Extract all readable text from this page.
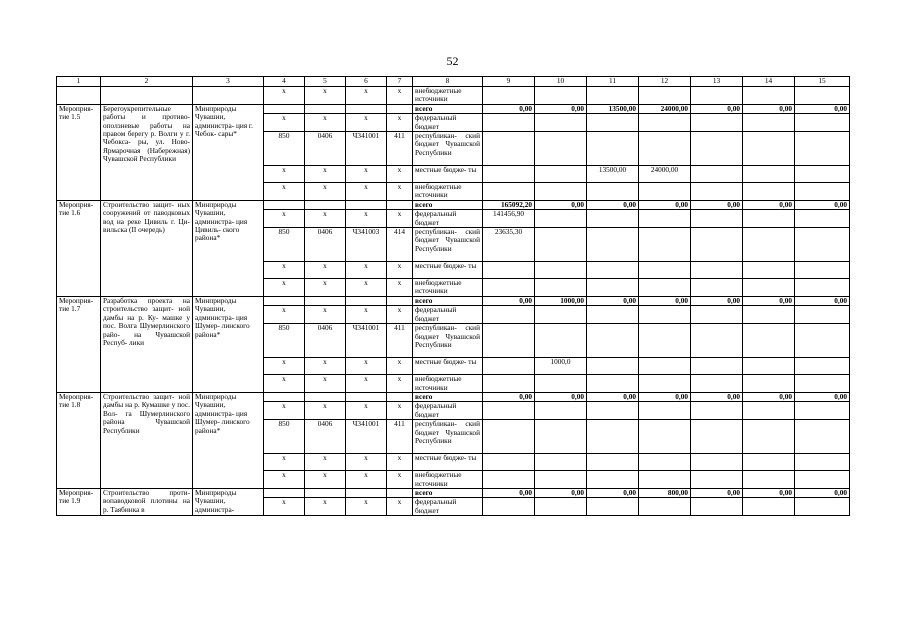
52
1	2	3	4	5	6	7	8	9	10	11	12	13	14	15
			x	x	x	x	внебюджетные источники							
Мероприя- тие 1.5	Берегоукрепительные работы и противо- оползневые работы на правом берегу р. Волги у г. Чебокса- ры, ул. Ново-Ярмарочная (Набережная) Чувашской Республики	Минприроды Чувашии, администра- ция г. Чебок- сары*					всего	0,00	0,00	13500,00	24000,00	0,00	0,00	0,00
			x	x	x	x	федеральный бюджет							
			850	0406	Ч341001	411	республикан- ский бюджет Чувашской Республики							
			x	x	x	x	местные бюдже- ты			13500,00	24000,00			
			x	x	x	x	внебюджетные источники							
Мероприя- тие 1.6	Строительство защит- ных сооружений от паводковых вод на реке Цивиль г. Ци- вильска (II очередь)	Минприроды Чувашии, администра- ция Цивиль- ского района*					всего	165092,20	0,00	0,00	0,00	0,00	0,00	0,00
			x	x	x	x	федеральный бюджет	141456,90						
			850	0406	Ч341003	414	республикан- ский бюджет Чувашской Республики	23635,30						
			x	x	x	x	местные бюдже- ты							
			x	x	x	x	внебюджетные источники							
Мероприя- тие 1.7	Разработка проекта на строительство защит- ной дамбы на р. Ку- машке у пос. Волга Шумерлинского райо- на Чувашской Респуб- лики	Минприроды Чувашии, администра- ция Шумер- линского района*					всего	0,00	1000,00	0,00	0,00	0,00	0,00	0,00
			x	x	x	x	федеральный бюджет							
			850	0406	Ч341001	411	республикан- ский бюджет Чувашской Республики							
			x	x	x	x	местные бюдже- ты		1000,0					
			x	x	x	x	внебюджетные источники							
Мероприя- тие 1.8	Строительство защит- ной дамбы на р. Кумашке у пос. Вол- га Шумерлинского района Чувашской Республики	Минприроды Чувашии, администра- ция Шумер- линского района*					всего	0,00	0,00	0,00	0,00	0,00	0,00	0,00
			x	x	x	x	федеральный бюджет							
			850	0406	Ч341001	411	республикан- ский бюджет Чувашской Республики							
			x	x	x	x	местные бюдже- ты							
			x	x	x	x	внебюджетные источники							
Мероприя- тие 1.9	Строительство проти- вопаводковой плотины на р. Таябинка в	Минприроды Чувашии, администра-					всего	0,00	0,00	0,00	800,00	0,00	0,00	0,00
			x	x	x	x	федеральный бюджет							
